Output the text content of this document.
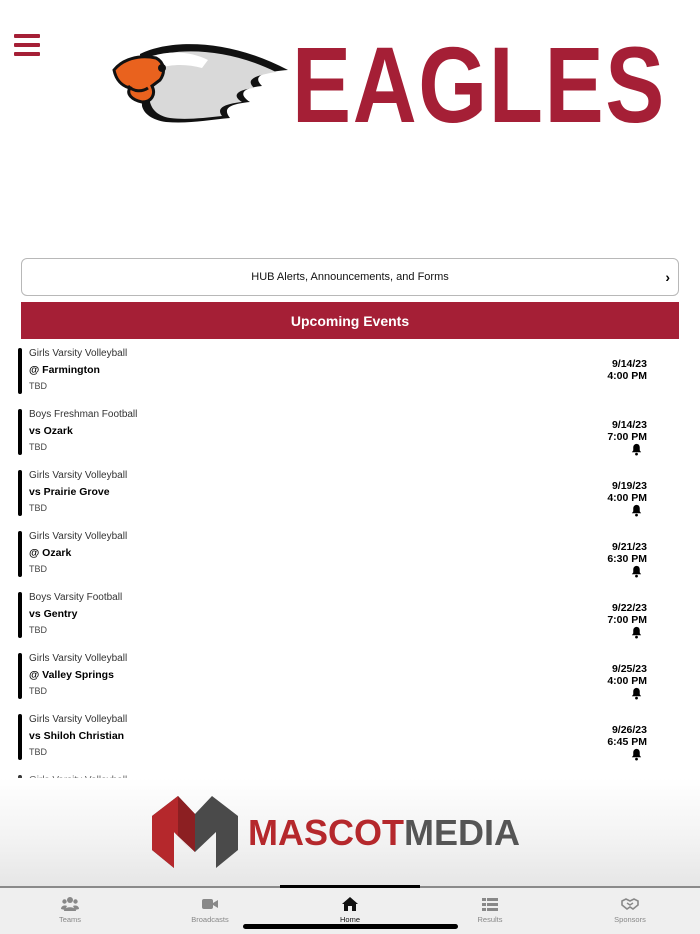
EAGLES
HUB Alerts, Announcements, and Forms	›
Upcoming Events
Girls Varsity Volleyball
@ Farmington
TBD
9/14/23
4:00 PM
Boys Freshman Football
vs Ozark
TBD
9/14/23
7:00 PM
Girls Varsity Volleyball
vs Prairie Grove
TBD
9/19/23
4:00 PM
Girls Varsity Volleyball
@ Ozark
TBD
9/21/23
6:30 PM
Boys Varsity Football
vs Gentry
TBD
9/22/23
7:00 PM
Girls Varsity Volleyball
@ Valley Springs
TBD
9/25/23
4:00 PM
Girls Varsity Volleyball
vs Shiloh Christian
TBD
9/26/23
6:45 PM
MASCOTMEDIA
Teams	Broadcasts	Home	Results	Sponsors
